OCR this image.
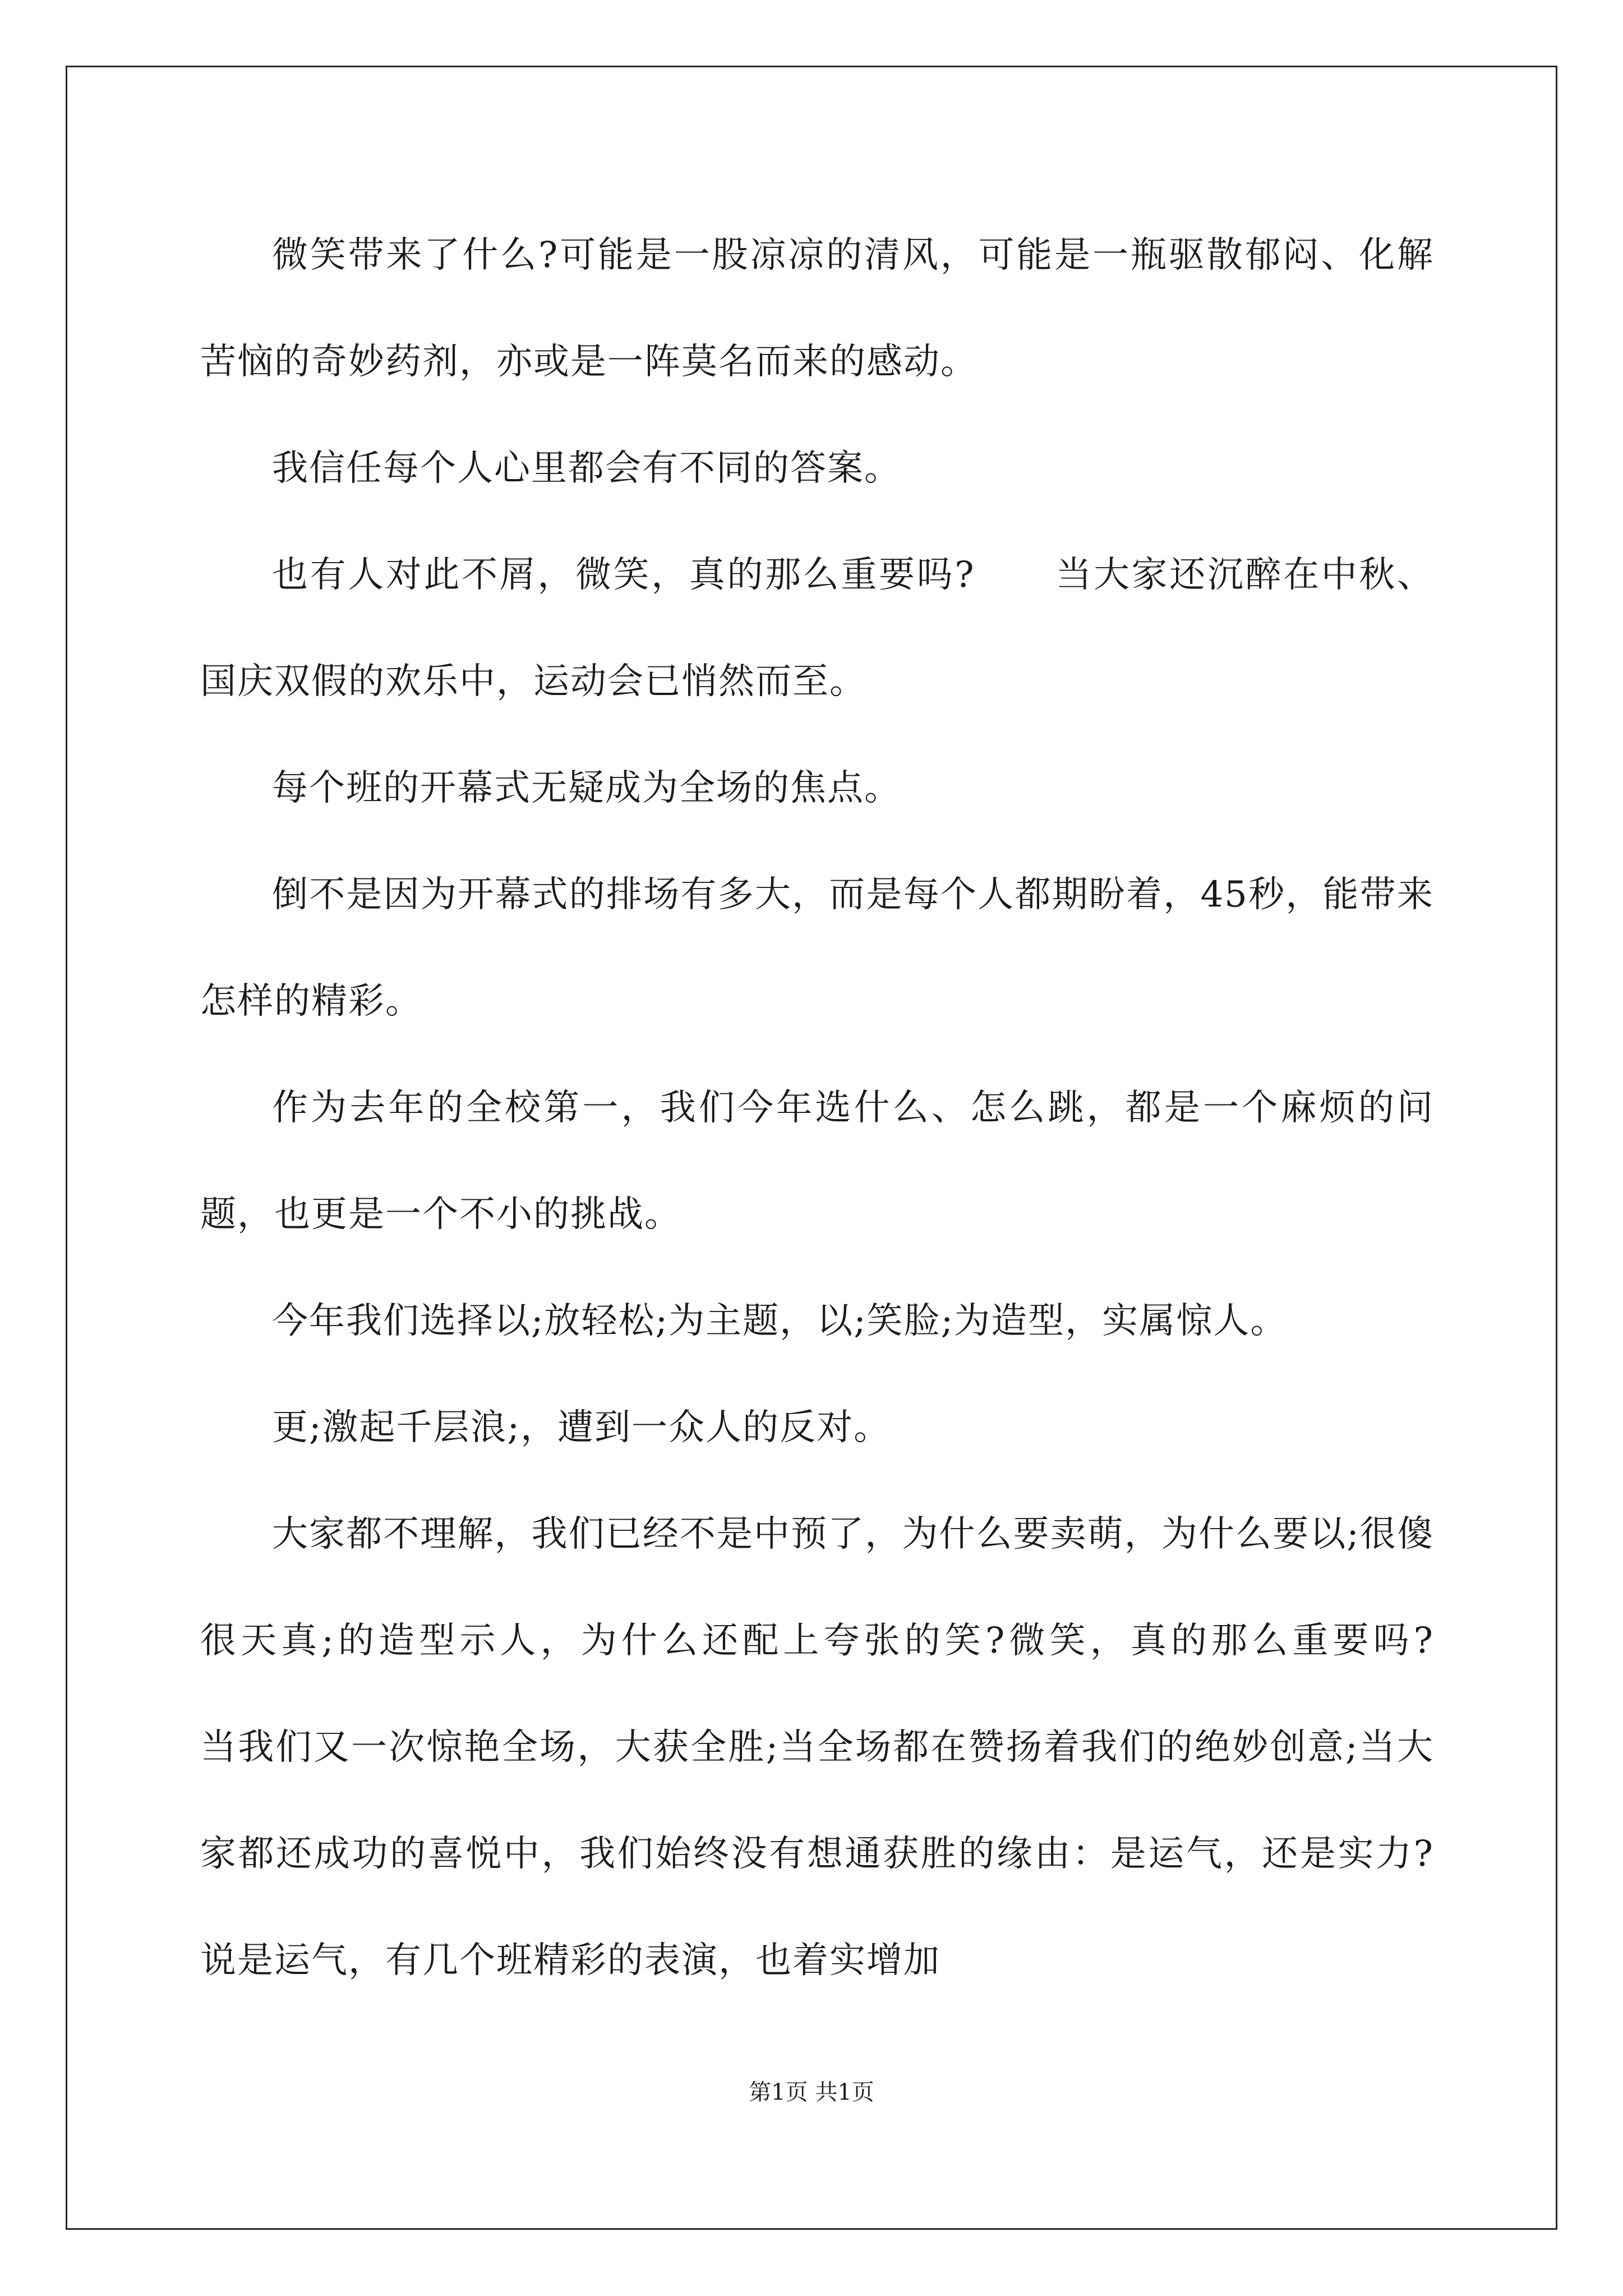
微笑带来了什么?可能是一股凉凉的清风，可能是一瓶驱散郁闷、化解苦恼的奇妙药剂，亦或是一阵莫名而来的感动。

我信任每个人心里都会有不同的答案。

也有人对此不屑，微笑，真的那么重要吗?      当大家还沉醉在中秋、国庆双假的欢乐中，运动会已悄然而至。

每个班的开幕式无疑成为全场的焦点。

倒不是因为开幕式的排场有多大，而是每个人都期盼着，45秒，能带来怎样的精彩。

作为去年的全校第一，我们今年选什么、怎么跳，都是一个麻烦的问题，也更是一个不小的挑战。

今年我们选择以;放轻松;为主题，以;笑脸;为造型，实属惊人。

更;激起千层浪;，遭到一众人的反对。

大家都不理解，我们已经不是中预了，为什么要卖萌，为什么要以;很傻很天真;的造型示人，为什么还配上夸张的笑?微笑，真的那么重要吗?      当我们又一次惊艳全场，大获全胜;当全场都在赞扬着我们的绝妙创意;当大家都还成功的喜悦中，我们始终没有想通获胜的缘由：是运气，还是实力?说是运气，有几个班精彩的表演，也着实增加

第1页 共1页
